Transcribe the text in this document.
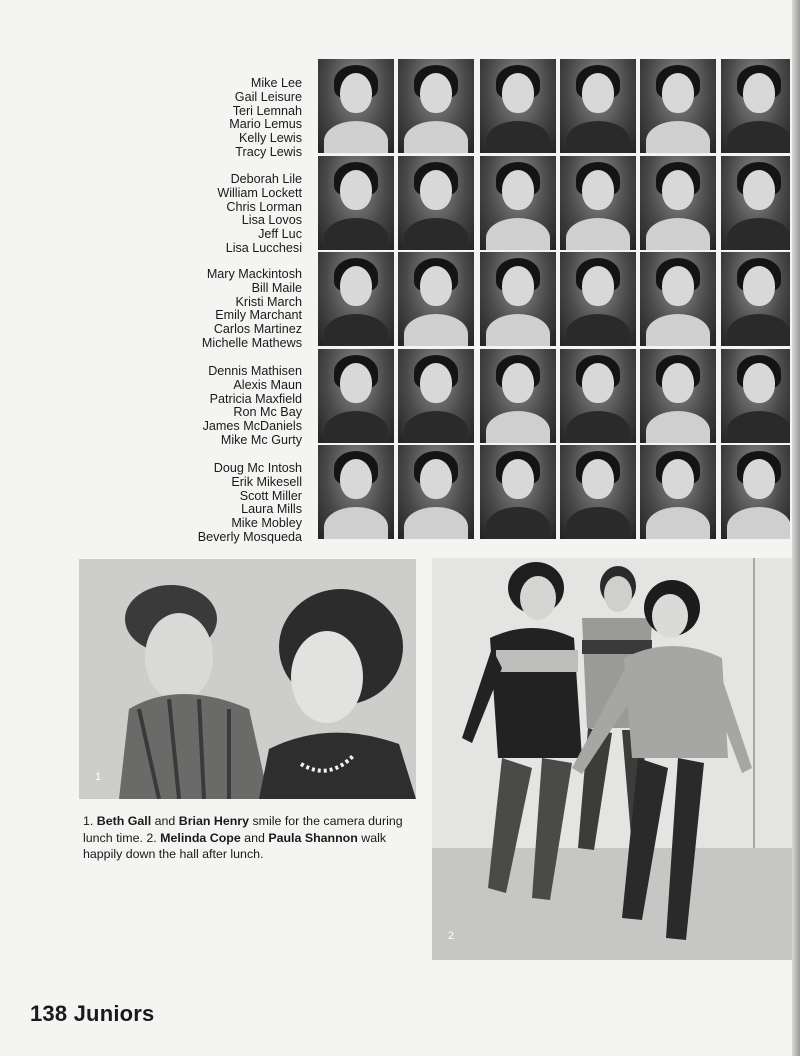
Mike Lee
Gail Leisure
Teri Lemnah
Mario Lemus
Kelly Lewis
Tracy Lewis
Deborah Lile
William Lockett
Chris Lorman
Lisa Lovos
Jeff Luc
Lisa Lucchesi
Mary Mackintosh
Bill Maile
Kristi March
Emily Marchant
Carlos Martinez
Michelle Mathews
Dennis Mathisen
Alexis Maun
Patricia Maxfield
Ron Mc Bay
James McDaniels
Mike Mc Gurty
Doug Mc Intosh
Erik Mikesell
Scott Miller
Laura Mills
Mike Mobley
Beverly Mosqueda
1
2
1. Beth Gall and Brian Henry smile for the camera during lunch time. 2. Melinda Cope and Paula Shannon walk happily down the hall after lunch.
138 Juniors
